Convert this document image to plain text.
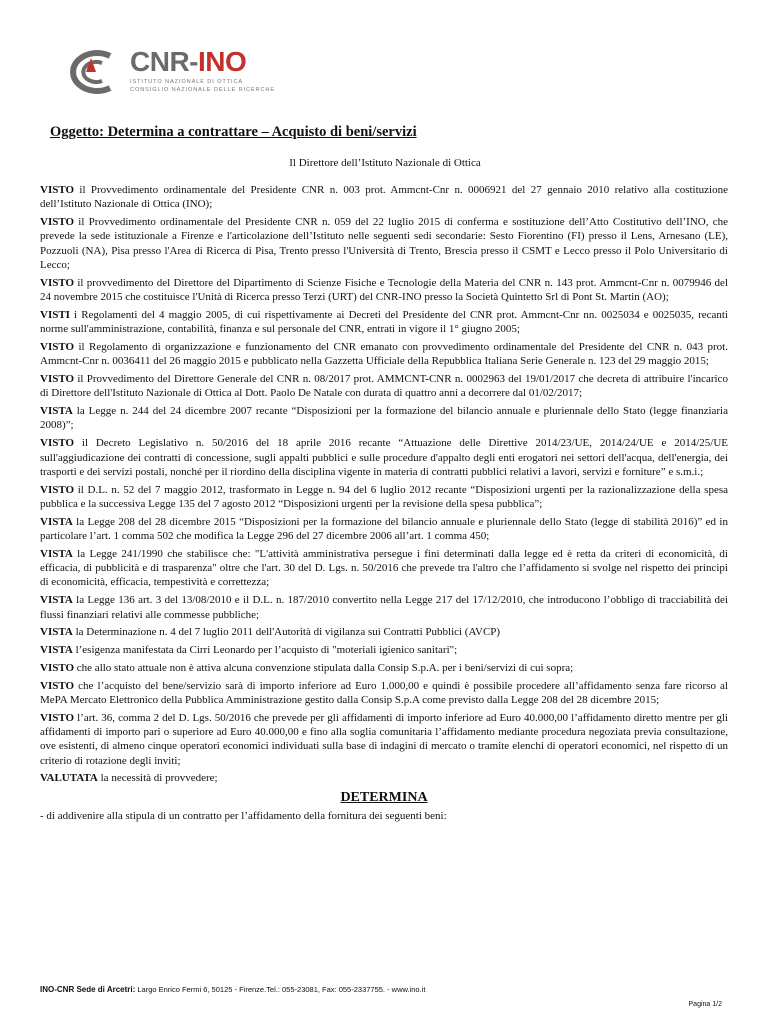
CNR-INO
ISTITUTO NAZIONALE DI OTTICA
CONSIGLIO NAZIONALE DELLE RICERCHE
Oggetto: Determina a contrattare – Acquisto di beni/servizi
Il Direttore dell’Istituto Nazionale di Ottica

VISTO il Provvedimento ordinamentale del Presidente CNR n. 003 prot. Ammcnt-Cnr n. 0006921 del 27 gennaio 2010 relativo alla costituzione dell’Istituto Nazionale di Ottica (INO);

VISTO il Provvedimento ordinamentale del Presidente CNR n. 059 del 22 luglio 2015 di conferma e sostituzione dell’Atto Costitutivo dell’INO, che prevede la sede istituzionale a Firenze e l'articolazione dell’Istituto nelle seguenti sedi secondarie: Sesto Fiorentino (FI) presso il Lens, Arnesano (LE), Pozzuoli (NA), Pisa presso l'Area di Ricerca di Pisa, Trento presso l'Università di Trento, Brescia presso il CSMT e Lecco presso il Polo Universitario di Lecco;

VISTO il provvedimento del Direttore del Dipartimento di Scienze Fisiche e Tecnologie della Materia del CNR n. 143 prot. Ammcnt-Cnr n. 0079946 del 24 novembre 2015 che costituisce l'Unità di Ricerca presso Terzi (URT) del CNR-INO presso la Società Quintetto Srl di Pont St. Martin (AO);

VISTI i Regolamenti del 4 maggio 2005, di cui rispettivamente ai Decreti del Presidente del CNR prot. Ammcnt-Cnr nn. 0025034 e 0025035, recanti norme sull'amministrazione, contabilità, finanza e sul personale del CNR, entrati in vigore il 1° giugno 2005;

VISTO il Regolamento di organizzazione e funzionamento del CNR emanato con provvedimento ordinamentale del Presidente del CNR n. 043 prot. Ammcnt-Cnr n. 0036411 del 26 maggio 2015 e pubblicato nella Gazzetta Ufficiale della Repubblica Italiana Serie Generale n. 123 del 29 maggio 2015;

VISTO il Provvedimento del Direttore Generale del CNR n. 08/2017 prot. AMMCNT-CNR n. 0002963 del 19/01/2017 che decreta di attribuire l'incarico di Direttore dell'Istituto Nazionale di Ottica al Dott. Paolo De Natale con durata di quattro anni a decorrere dal 01/02/2017;

VISTA la Legge n. 244 del 24 dicembre 2007 recante “Disposizioni per la formazione del bilancio annuale e pluriennale dello Stato (legge finanziaria 2008)”;

VISTO il Decreto Legislativo n. 50/2016 del 18 aprile 2016 recante “Attuazione delle Direttive 2014/23/UE, 2014/24/UE e 2014/25/UE sull'aggiudicazione dei contratti di concessione, sugli appalti pubblici e sulle procedure d'appalto degli enti erogatori nei settori dell'acqua, dell'energia, dei trasporti e dei servizi postali, nonché per il riordino della disciplina vigente in materia di contratti pubblici relativi a lavori, servizi e forniture” e s.m.i.;

VISTO il D.L. n. 52 del 7 maggio 2012, trasformato in Legge n. 94 del 6 luglio 2012 recante “Disposizioni urgenti per la razionalizzazione della spesa pubblica e la successiva Legge 135 del 7 agosto 2012 “Disposizioni urgenti per la revisione della spesa pubblica”;

VISTA la Legge 208 del 28 dicembre 2015 “Disposizioni per la formazione del bilancio annuale e pluriennale dello Stato (legge di stabilità 2016)” ed in particolare l’art. 1 comma 502 che modifica la Legge 296 del 27 dicembre 2006 all’art. 1 comma 450;

VISTA la Legge 241/1990 che stabilisce che: "L'attività amministrativa persegue i fini determinati dalla legge ed è retta da criteri di economicità, di efficacia, di pubblicità e di trasparenza" oltre che l'art. 30 del D. Lgs. n. 50/2016 che prevede tra l'altro che l’affidamento si svolge nel rispetto dei principi di economicità, efficacia, tempestività e correttezza;

VISTA la Legge 136 art. 3 del 13/08/2010 e il D.L. n. 187/2010 convertito nella Legge 217 del 17/12/2010, che introducono l’obbligo di tracciabilità dei flussi finanziari relativi alle commesse pubbliche;

VISTA la Determinazione n. 4 del 7 luglio 2011 dell'Autorità di vigilanza sui Contratti Pubblici (AVCP)

VISTA l’esigenza manifestata da Cirri Leonardo per l’acquisto di "moteriali igienico sanitari";

VISTO che allo stato attuale non è attiva alcuna convenzione stipulata dalla Consip S.p.A. per i beni/servizi di cui sopra;

VISTO che l’acquisto del bene/servizio sarà di importo inferiore ad Euro 1.000,00 e quindi è possibile procedere all’affidamento senza fare ricorso al MePA Mercato Elettronico della Pubblica Amministrazione gestito dalla Consip S.p.A come previsto dalla Legge 208 del 28 dicembre 2015;

VISTO l’art. 36, comma 2 del D. Lgs. 50/2016 che prevede per gli affidamenti di importo inferiore ad Euro 40.000,00 l’affidamento diretto mentre per gli affidamenti di importo pari o superiore ad Euro 40.000,00 e fino alla soglia comunitaria l’affidamento mediante procedura negoziata previa consultazione, ove esistenti, di almeno cinque operatori economici individuati sulla base di indagini di mercato o tramite elenchi di operatori economici, nel rispetto di un criterio di rotazione degli inviti;

VALUTATA la necessità di provvedere;

DETERMINA

- di addivenire alla stipula di un contratto per l’affidamento della fornitura dei seguenti beni:

INO-CNR Sede di Arcetri: Largo Enrico Fermi 6, 50125 - Firenze.Tel.: 055-23081, Fax: 055-2337755. - www.ino.it
Pagina 1/2
